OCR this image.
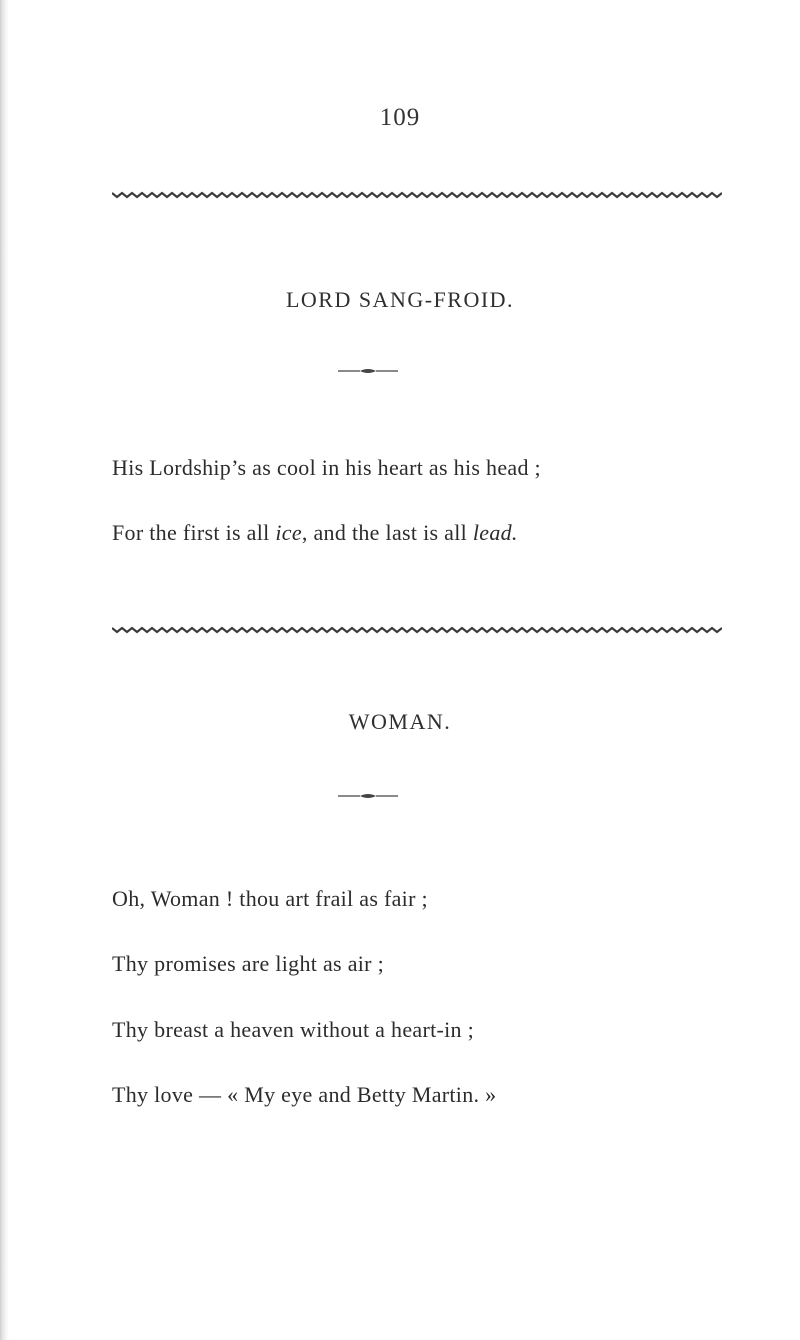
109
LORD SANG-FROID.
His Lordship’s as cool in his heart as his head ;
For the first is all ice, and the last is all lead.
WOMAN.
Oh, Woman ! thou art frail as fair ;
Thy promises are light as air ;
Thy breast a heaven without a heart-in ;
Thy love — « My eye and Betty Martin. »
